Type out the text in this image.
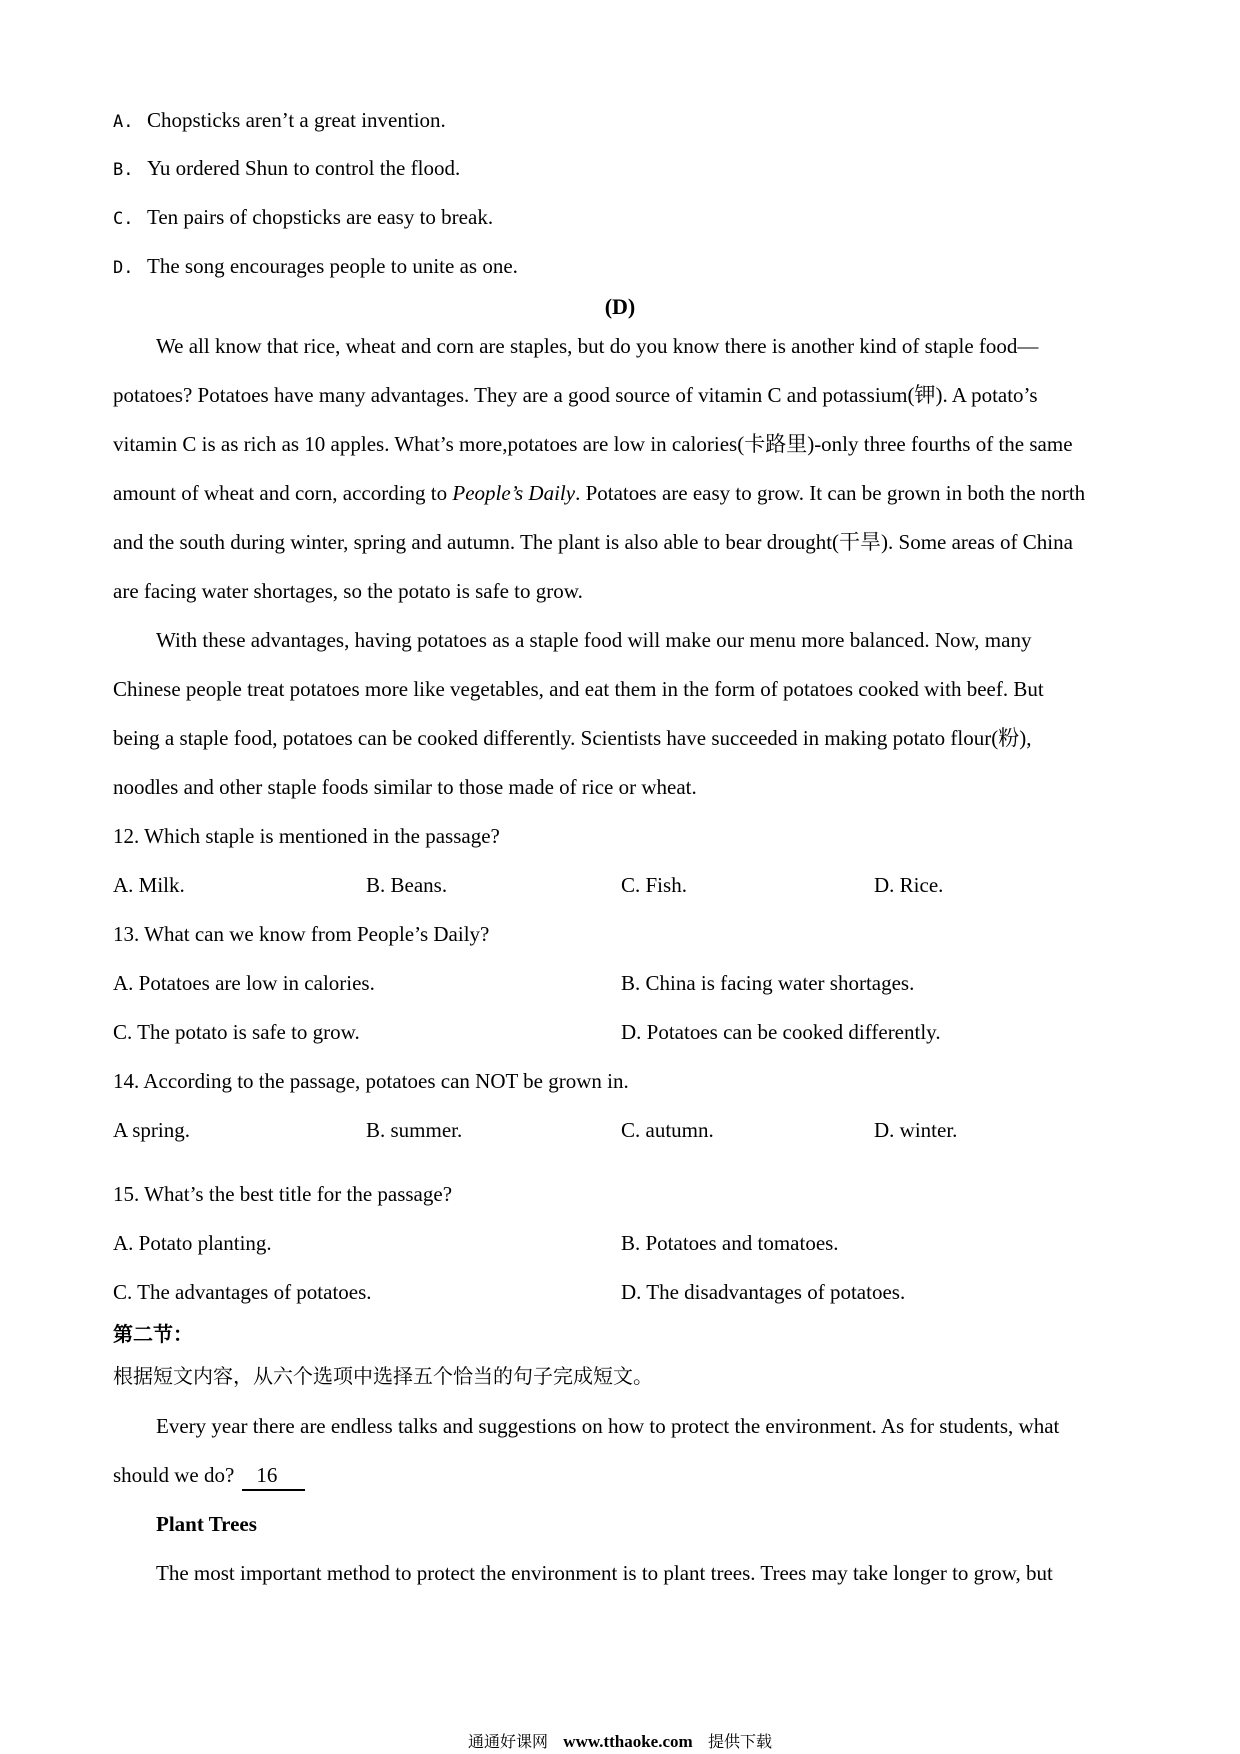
A. Chopsticks aren’t a great invention.
B. Yu ordered Shun to control the flood.
C. Ten pairs of chopsticks are easy to break.
D. The song encourages people to unite as one.
(D)
We all know that rice, wheat and corn are staples, but do you know there is another kind of staple food—
potatoes? Potatoes have many advantages. They are a good source of vitamin C and potassium(钾). A potato’s
vitamin C is as rich as 10 apples. What’s more,potatoes are low in calories(卡路里)-only three fourths of the same
amount of wheat and corn, according to People’s Daily. Potatoes are easy to grow. It can be grown in both the north
and the south during winter, spring and autumn. The plant is also able to bear drought(干旱). Some areas of China
are facing water shortages, so the potato is safe to grow.
With these advantages, having potatoes as a staple food will make our menu more balanced. Now, many
Chinese people treat potatoes more like vegetables, and eat them in the form of potatoes cooked with beef. But
being a staple food, potatoes can be cooked differently. Scientists have succeeded in making potato flour(粉),
noodles and other staple foods similar to those made of rice or wheat.
12. Which staple is mentioned in the passage?
A. Milk.	B. Beans.	C. Fish.	D. Rice.
13. What can we know from People’s Daily?
A. Potatoes are low in calories.	B. China is facing water shortages.
C. The potato is safe to grow.	D. Potatoes can be cooked differently.
14. According to the passage, potatoes can NOT be grown in.
A spring.	B. summer.	C. autumn.	D. winter.
15. What’s the best title for the passage?
A. Potato planting.	B. Potatoes and tomatoes.
C. The advantages of potatoes.	D. The disadvantages of potatoes.
第二节：
根据短文内容，从六个选项中选择五个恰当的句子完成短文。
Every year there are endless talks and suggestions on how to protect the environment. As for students, what
should we do? 16
Plant Trees
The most important method to protect the environment is to plant trees. Trees may take longer to grow, but
通通好课网 www.tthaoke.com 提供下载
